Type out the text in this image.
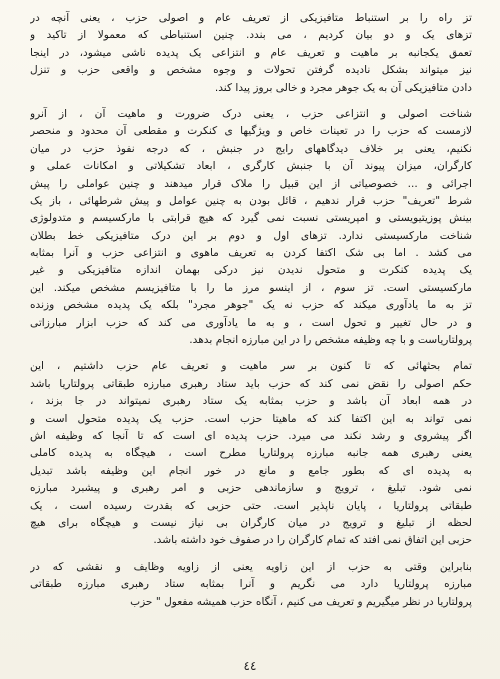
تز راه را بر استنباط متافیزیکی از تعریف عام و اصولی حزب ، یعنی آنچه در
تزهای یک و دو بیان کردیم ، می بندد. چنین استنباطی که معمولا از تاکید و
تعمق یکجانبه بر ماهیت و تعریف عام و انتزاعی یک پدیده ناشی میشود، در اینجا
نیز میتواند بشکل نادیده گرفتن تحولات و وجوه مشخص و واقعی حزب و تنزل
دادن متافیزیکی آن به یک جوهر مجرد و خالی بروز پیدا کند.
شناخت اصولی و انتزاعی حزب ، یعنی درک ضرورت و ماهیت آن ، از آنرو
لازمست که حزب را در تعینات خاص و ویژگیها ی کنکرت و مقطعی آن محدود و منحصر
نکنیم، یعنی بر خلاف دیدگاههای رایج در جنبش ، که درجه نفوذ حزب در میان
کارگران، میزان پیوند آن با جنبش کارگری ، ابعاد تشکیلاتی و امکانات عملی و
اجرائی و ... خصوصیاتی از این قبیل را ملاک قرار میدهند و چنین عواملی را پیش
شرط "تعریف" حزب قرار ندهیم ، قائل بودن به چنین عوامل و پیش شرطهائی ، باز یک
بینش پوزیتیویستی و امپریستی نسبت نمی گیرد که هیچ قرابتی با مارکسیسم و متدولوژی
شناخت مارکسیستی ندارد. تزهای اول و دوم بر این درک متافیزیکی خط بطلان
می کشد . اما بی شک اکتفا کردن به تعریف ماهوی و انتزاعی حزب و آنرا بمثابه
یک پدیده کنکرت و متحول ندیدن نیز درکی بهمان اندازه متافیزیکی و غیر
مارکسیستی است. تز سوم ، از اینسو مرز ما را با متافیزیسم مشخص میکند. این
تز به ما یادآوری میکند که حزب نه یک "جوهر مجرد" بلکه یک پدیده مشخص وزنده
و در حال تغییر و تحول است ، و به ما یادآوری می کند که حزب ابزار مبارزاتی
پرولتاریاست و با چه وظیفه مشخص را در این مبارزه انجام بدهد.
تمام بحثهائی که تا کنون بر سر ماهیت و تعریف عام حزب داشتیم ، این
حکم اصولی را نقض نمی کند که حزب باید ستاد رهبری مبارزه طبقاتی پرولتاریا باشد
در همه ابعاد آن باشد و حزب بمثابه یک ستاد رهبری نمیتواند در جا بزند ،
نمی تواند به این اکتفا کند که ماهیتا حزب است. حزب یک پدیده متحول است و
اگر پیشروی و رشد نکند می میرد. حزب پدیده ای است که تا آنجا که وظیفه اش
یعنی رهبری همه جانبه مبارزه پرولتاریا مطرح است ، هیچگاه به پدیده کاملی
به پدیده ای که بطور جامع و مانع در خور انجام این وظیفه باشد تبدیل
نمی شود. تبلیغ ، ترویج و سازماندهی حزبی و امر رهبری و پیشبرد مبارزه
طبقاتی پرولتاریا ، پایان ناپذیر است. حتی حزبی که بقدرت رسیده است ، یک
لحظه از تبلیغ و ترویج در میان کارگران بی نیاز نیست و هیچگاه برای هیچ
حزبی این اتفاق نمی افتد که تمام کارگران را در صفوف خود داشته باشد.
بنابراین وقتی به حزب از این زاویه یعنی از زاویه وظایف و نقشی که در
مبارزه پرولتاریا دارد می نگریم و آنرا بمثابه ستاد رهبری مبارزه طبقاتی
پرولتاریا در نظر میگیریم و تعریف می کنیم ، آنگاه حزب همیشه مفعول " حزب
٤٤
